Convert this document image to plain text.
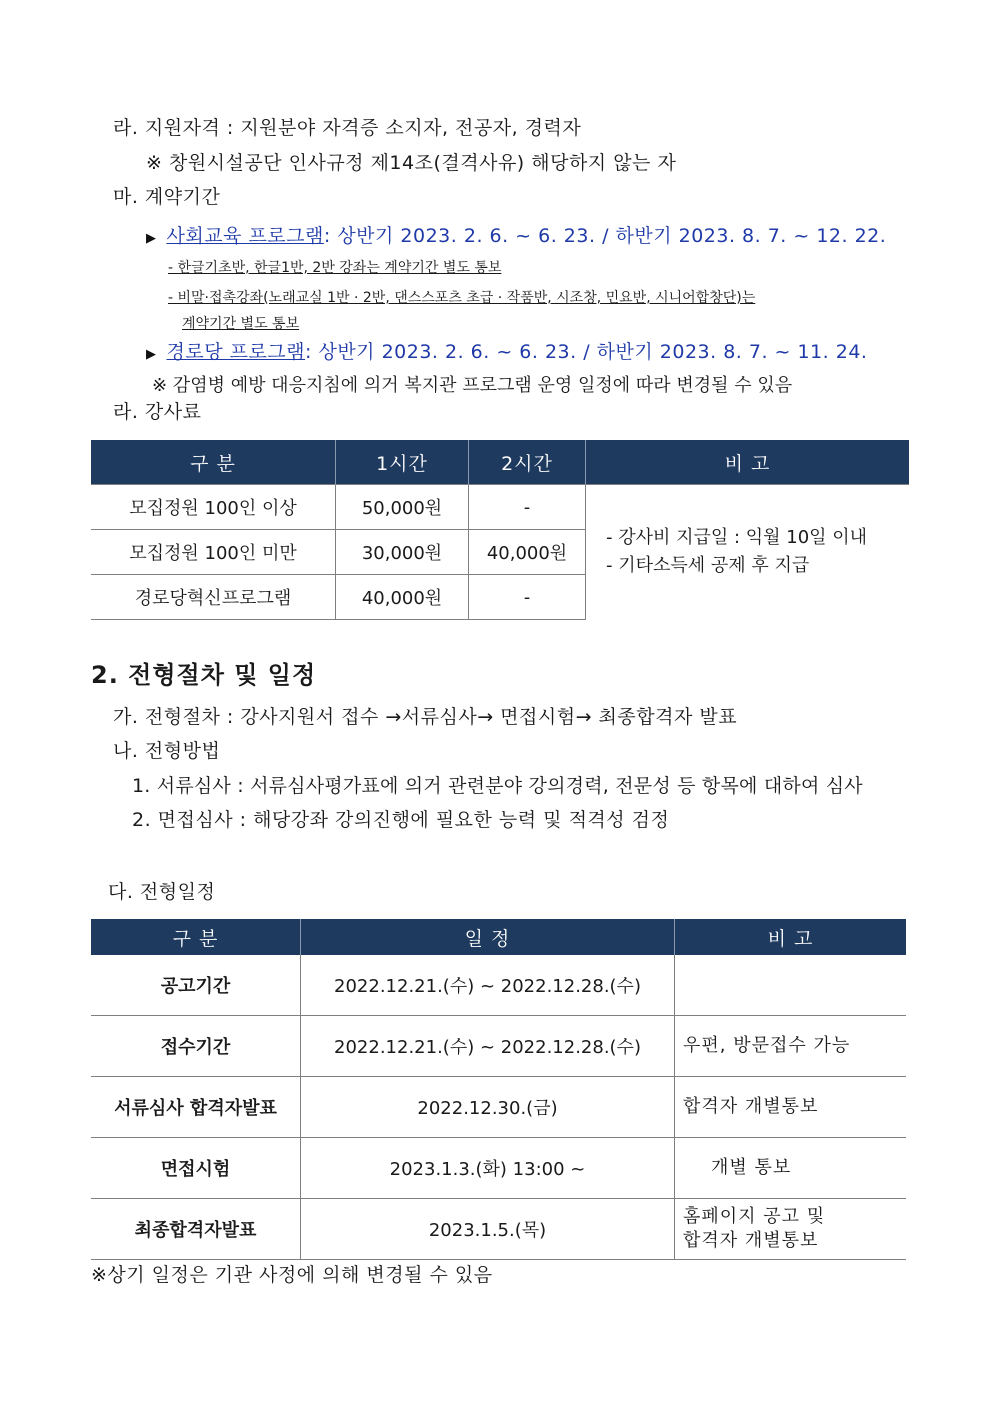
라. 지원자격 : 지원분야 자격증 소지자, 전공자, 경력자
※ 창원시설공단 인사규정 제14조(결격사유) 해당하지 않는 자
마. 계약기간
▶ 사회교육 프로그램: 상반기 2023. 2. 6. ~ 6. 23. / 하반기 2023. 8. 7. ~ 12. 22.
- 한글기초반, 한글1반, 2반 강좌는 계약기간 별도 통보
- 비말·접촉강좌(노래교실 1반 · 2반, 댄스스포츠 초급 · 작품반, 시조창, 민요반, 시니어합창단)는
계약기간 별도 통보
▶ 경로당 프로그램: 상반기 2023. 2. 6. ~ 6. 23. / 하반기 2023. 8. 7. ~ 11. 24.
※ 감염병 예방 대응지침에 의거 복지관 프로그램 운영 일정에 따라 변경될 수 있음
라. 강사료
구 분	1시간	2시간	비 고
모집정원 100인 이상	50,000원	-	- 강사비 지급일 : 익월 10일 이내
- 기타소득세 공제 후 지급

모집정원 100인 미만	30,000원	40,000원	
경로당혁신프로그램	40,000원	-	
2. 전형절차 및 일정
가. 전형절차 : 강사지원서 접수 →서류심사→ 면접시험→ 최종합격자 발표
나. 전형방법
1. 서류심사 : 서류심사평가표에 의거 관련분야 강의경력, 전문성 등 항목에 대하여 심사
2. 면접심사 : 해당강좌 강의진행에 필요한 능력 및 적격성 검정
다. 전형일정
구 분	일 정	비 고
공고기간	2022.12.21.(수) ~ 2022.12.28.(수)	
접수기간	2022.12.21.(수) ~ 2022.12.28.(수)	우편, 방문접수 가능
서류심사 합격자발표	2022.12.30.(금)	합격자 개별통보
면접시험	2023.1.3.(화) 13:00 ~	개별 통보
최종합격자발표	2023.1.5.(목)	홈페이지 공고 및
합격자 개별통보
※상기 일정은 기관 사정에 의해 변경될 수 있음
